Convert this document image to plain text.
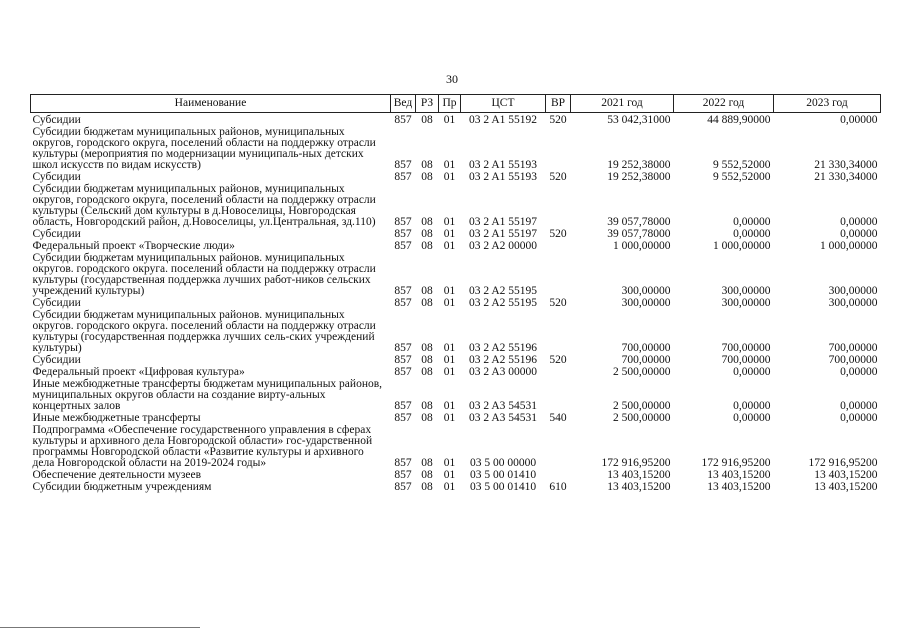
30
Наименование	Вед	РЗ	Пр	ЦСТ	ВР	2021 год	2022 год	2023 год
Субсидии	857	08	01	03 2 A1 55192	520	53 042,31000	44 889,90000	0,00000
Субсидии бюджетам муниципальных районов, муниципальных округов, городского округа, поселений области на поддержку отрасли культуры (мероприятия по модернизации муниципаль-ных детских школ искусств по видам искусств)	857	08	01	03 2 A1 55193		19 252,38000	9 552,52000	21 330,34000
Субсидии	857	08	01	03 2 A1 55193	520	19 252,38000	9 552,52000	21 330,34000
Субсидии бюджетам муниципальных районов, муниципальных округов, городского округа, поселений области на поддержку отрасли культуры (Сельский дом культуры в д.Новоселицы, Новгородская область, Новгородский район, д.Новоселицы, ул.Центральная, зд.110)	857	08	01	03 2 A1 55197		39 057,78000	0,00000	0,00000
Субсидии	857	08	01	03 2 A1 55197	520	39 057,78000	0,00000	0,00000
Федеральный проект «Творческие люди»	857	08	01	03 2 A2 00000		1 000,00000	1 000,00000	1 000,00000
Субсидии бюджетам муниципальных районов. муниципальных округов. городского округа. поселений области на поддержку отрасли культуры (государственная поддержка лучших работ-ников сельских учреждений культуры)	857	08	01	03 2 A2 55195		300,00000	300,00000	300,00000
Субсидии	857	08	01	03 2 A2 55195	520	300,00000	300,00000	300,00000
Субсидии бюджетам муниципальных районов. муниципальных округов. городского округа. поселений области на поддержку отрасли культуры (государственная поддержка лучших сель-ских учреждений культуры)	857	08	01	03 2 A2 55196		700,00000	700,00000	700,00000
Субсидии	857	08	01	03 2 A2 55196	520	700,00000	700,00000	700,00000
Федеральный проект «Цифровая культура»	857	08	01	03 2 A3 00000		2 500,00000	0,00000	0,00000
Иные межбюджетные трансферты бюджетам муниципальных районов, муниципальных округов области на создание вирту-альных концертных залов	857	08	01	03 2 A3 54531		2 500,00000	0,00000	0,00000
Иные межбюджетные трансферты	857	08	01	03 2 A3 54531	540	2 500,00000	0,00000	0,00000
Подпрограмма «Обеспечение государственного управления в сферах культуры и архивного дела Новгородской области» гос-ударственной программы Новгородской области «Развитие культуры и архивного дела Новгородской области на 2019-2024 годы»	857	08	01	03 5 00 00000		172 916,95200	172 916,95200	172 916,95200
Обеспечение деятельности музеев	857	08	01	03 5 00 01410		13 403,15200	13 403,15200	13 403,15200
Субсидии бюджетным учреждениям	857	08	01	03 5 00 01410	610	13 403,15200	13 403,15200	13 403,15200
